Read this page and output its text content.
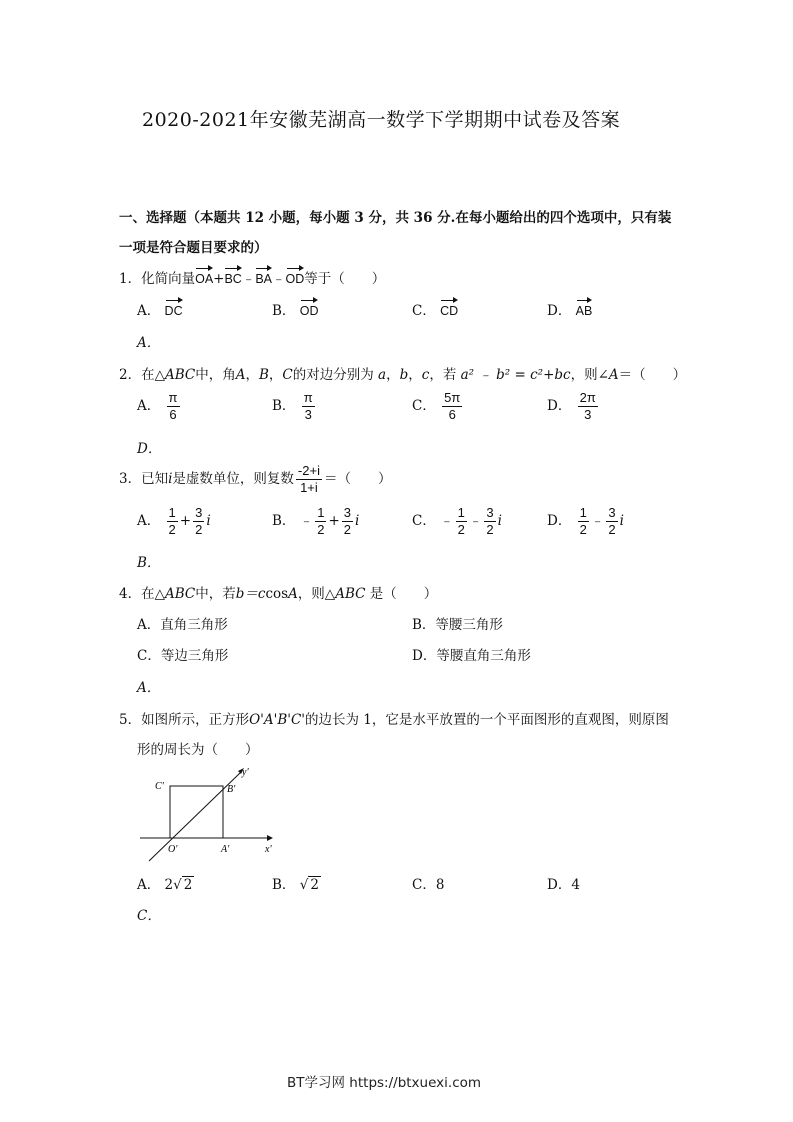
2020-2021年安徽芜湖高一数学下学期期中试卷及答案
一、选择题（本题共 12 小题，每小题 3 分，共 36 分.在每小题给出的四个选项中，只有装
一项是符合题目要求的）
1．化简向量OA+BC﹣BA﹣OD等于（　　）
A． DC	B． OD	C． CD	D． AB
A．
2．在△ABC中，角A，B，C的对边分别为 a，b，c，若 a² ﹣ b² = c²+bc，则∠A＝（　　）
A． $\frac{\pi}{6}$	B． $\frac{\pi}{3}$	C． $\frac{5\pi}{6}$	D． $\frac{2\pi}{3}$
D．
3．已知i是虚数单位，则复数 $\frac{-2+i}{1+i}$ ＝（　　）
A． $\frac{1}{2} + \frac{3}{2}$ i	B． ﹣ $\frac{1}{2} + \frac{3}{2}$ i	C． ﹣ $\frac{1}{2}$ ﹣ $\frac{3}{2}$ i	D． $\frac{1}{2}$ ﹣ $\frac{3}{2}$ i
B．
4．在△ABC中，若b＝ccosA，则△ABC 是（　　）
A．直角三角形	B．等腰三角形
C．等边三角形	D．等腰直角三角形
A．
5．如图所示，正方形O'A'B'C'的边长为 1，它是水平放置的一个平面图形的直观图，则原图
形的周长为（　　）
C'	B'
O'	A'	x'
y'
A． 2√ 2	B． √ 2	C．8	D．4
C．
BT学习网 https://btxuexi.com
